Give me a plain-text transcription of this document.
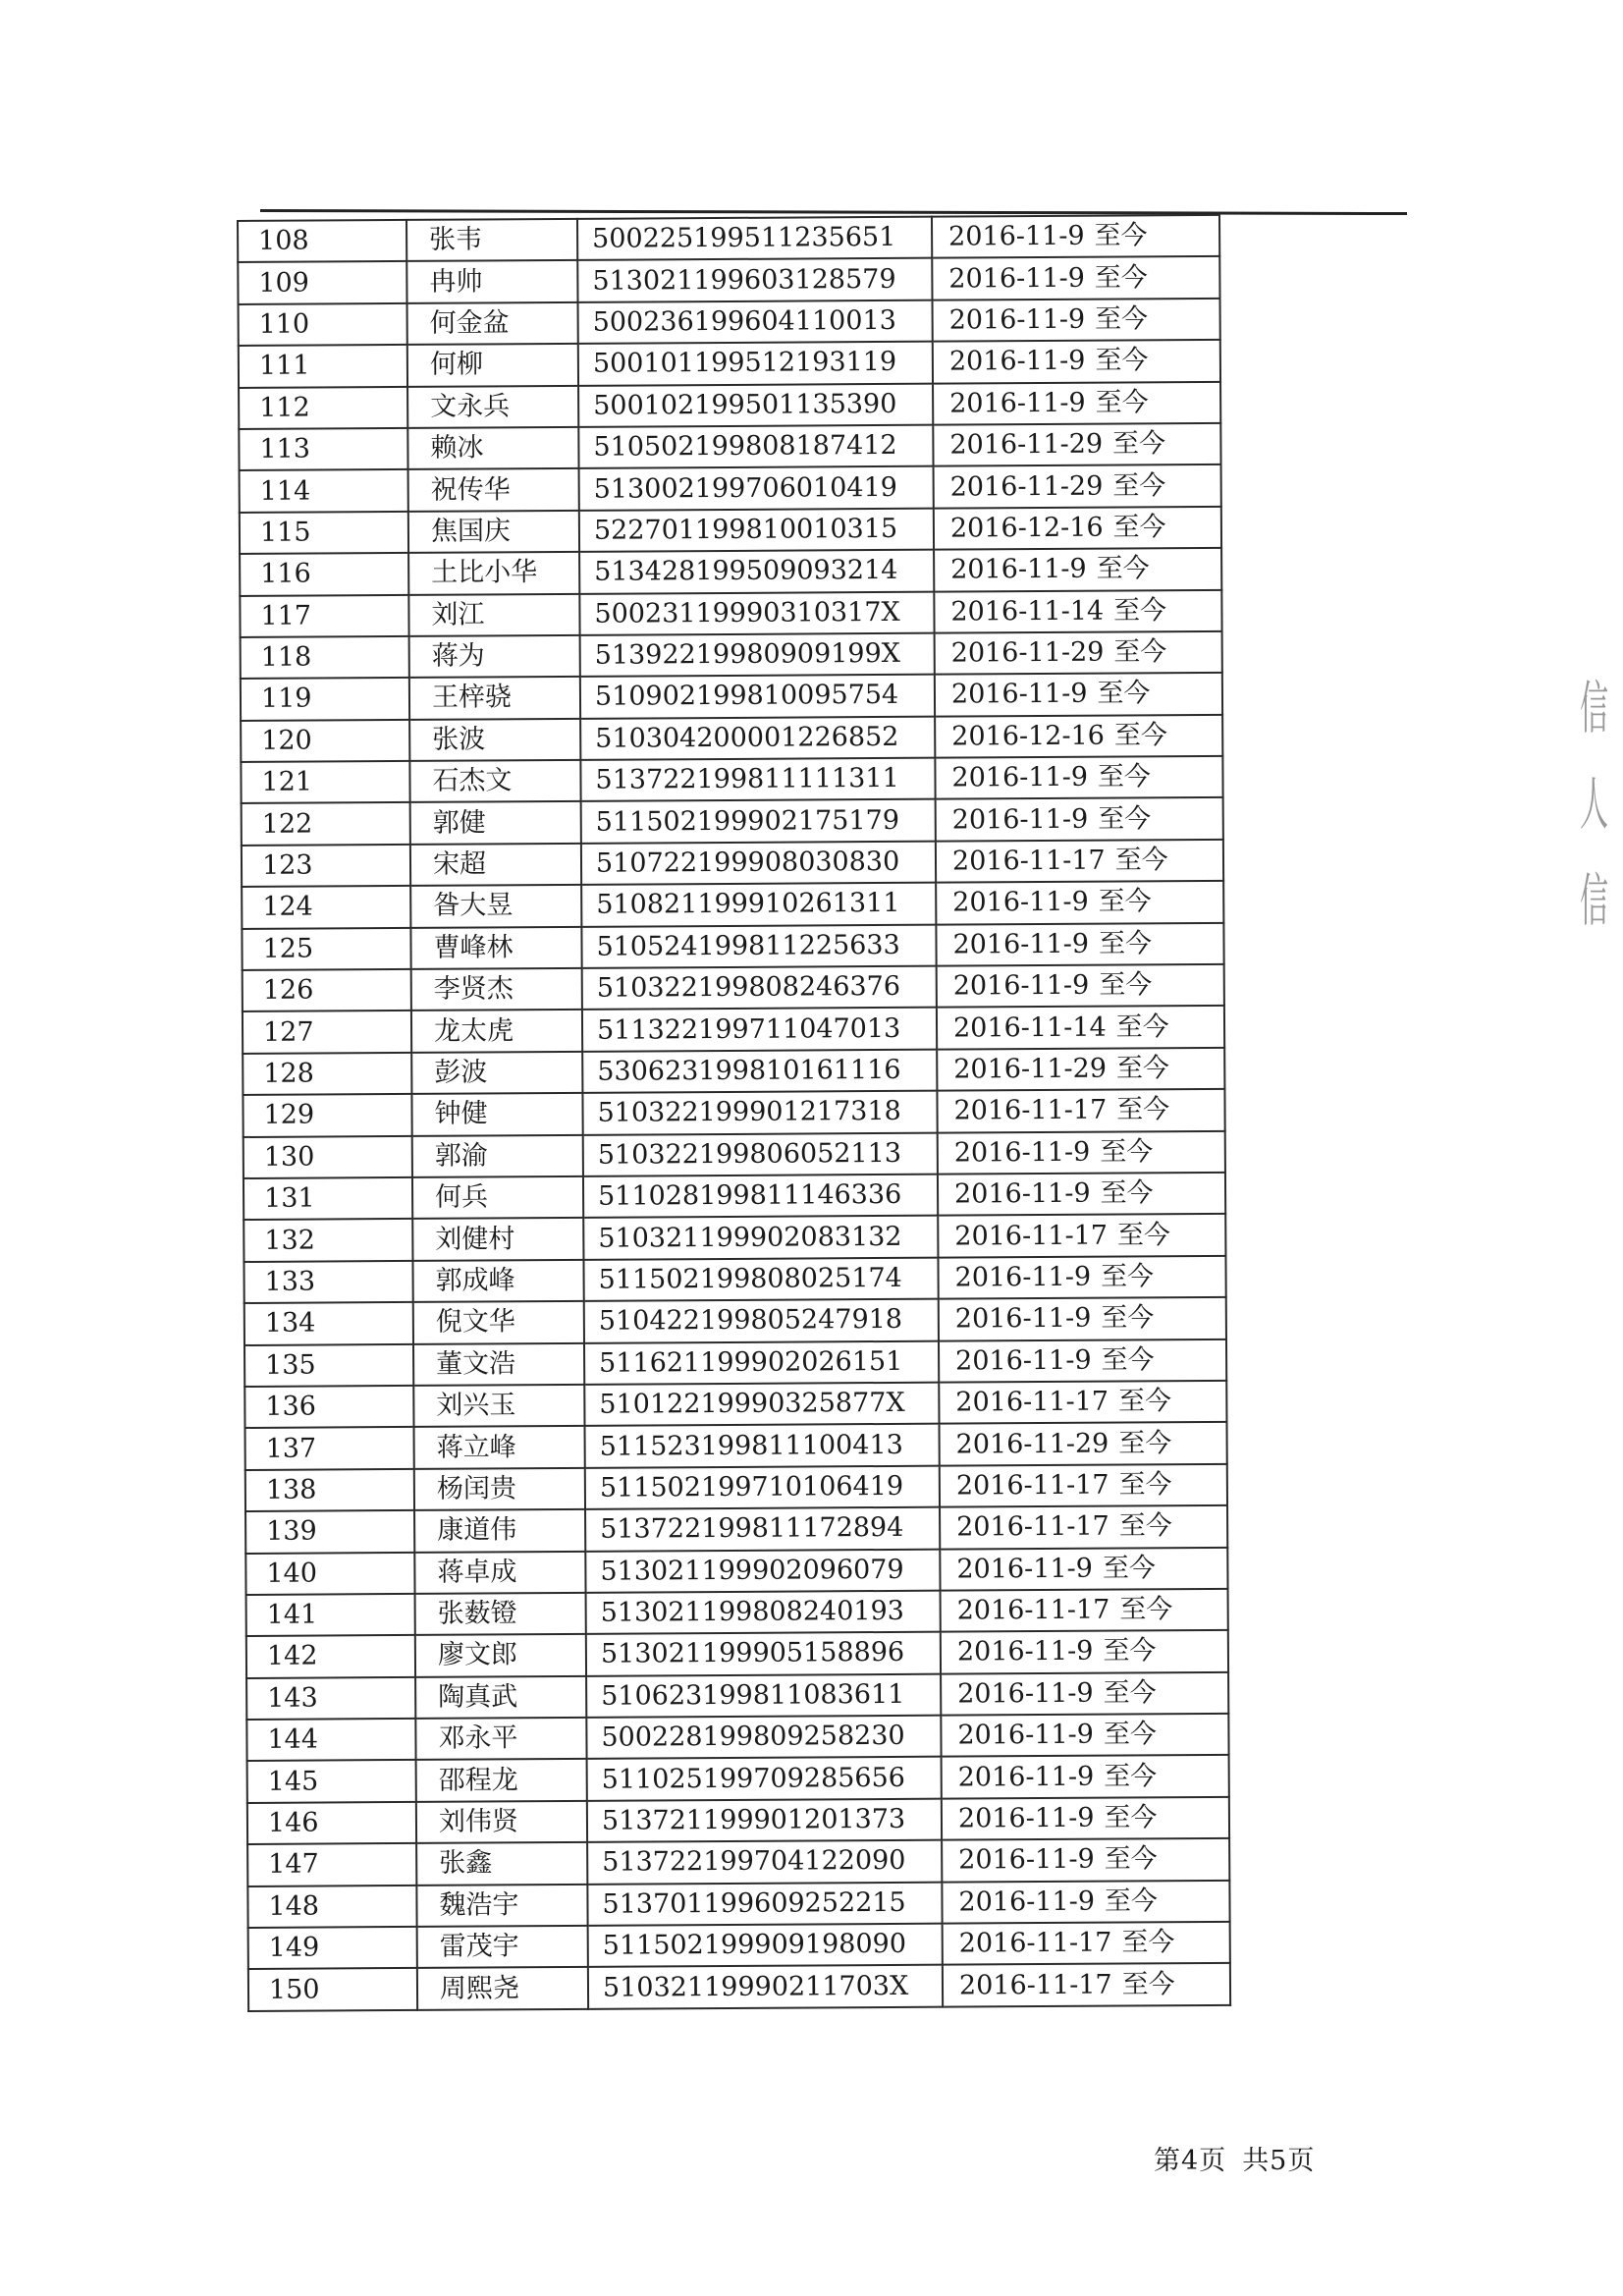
108	张韦	500225199511235651	2016-11-9 至今
109	冉帅	513021199603128579	2016-11-9 至今
110	何金盆	500236199604110013	2016-11-9 至今
111	何柳	500101199512193119	2016-11-9 至今
112	文永兵	500102199501135390	2016-11-9 至今
113	赖冰	510502199808187412	2016-11-29 至今
114	祝传华	513002199706010419	2016-11-29 至今
115	焦国庆	522701199810010315	2016-12-16 至今
116	土比小华	513428199509093214	2016-11-9 至今
117	刘江	50023119990310317X	2016-11-14 至今
118	蒋为	51392219980909199X	2016-11-29 至今
119	王梓骁	510902199810095754	2016-11-9 至今
120	张波	510304200001226852	2016-12-16 至今
121	石杰文	513722199811111311	2016-11-9 至今
122	郭健	511502199902175179	2016-11-9 至今
123	宋超	510722199908030830	2016-11-17 至今
124	昝大昱	510821199910261311	2016-11-9 至今
125	曹峰林	510524199811225633	2016-11-9 至今
126	李贤杰	510322199808246376	2016-11-9 至今
127	龙太虎	511322199711047013	2016-11-14 至今
128	彭波	530623199810161116	2016-11-29 至今
129	钟健	510322199901217318	2016-11-17 至今
130	郭渝	510322199806052113	2016-11-9 至今
131	何兵	511028199811146336	2016-11-9 至今
132	刘健村	510321199902083132	2016-11-17 至今
133	郭成峰	511502199808025174	2016-11-9 至今
134	倪文华	510422199805247918	2016-11-9 至今
135	董文浩	511621199902026151	2016-11-9 至今
136	刘兴玉	51012219990325877X	2016-11-17 至今
137	蒋立峰	511523199811100413	2016-11-29 至今
138	杨闰贵	511502199710106419	2016-11-17 至今
139	康道伟	513722199811172894	2016-11-17 至今
140	蒋卓成	513021199902096079	2016-11-9 至今
141	张薮镫	513021199808240193	2016-11-17 至今
142	廖文郎	513021199905158896	2016-11-9 至今
143	陶真武	510623199811083611	2016-11-9 至今
144	邓永平	500228199809258230	2016-11-9 至今
145	邵程龙	511025199709285656	2016-11-9 至今
146	刘伟贤	513721199901201373	2016-11-9 至今
147	张鑫	513722199704122090	2016-11-9 至今
148	魏浩宇	513701199609252215	2016-11-9 至今
149	雷茂宇	511502199909198090	2016-11-17 至今
150	周熙尧	51032119990211703X	2016-11-17 至今
信人信
第4页 共5页
